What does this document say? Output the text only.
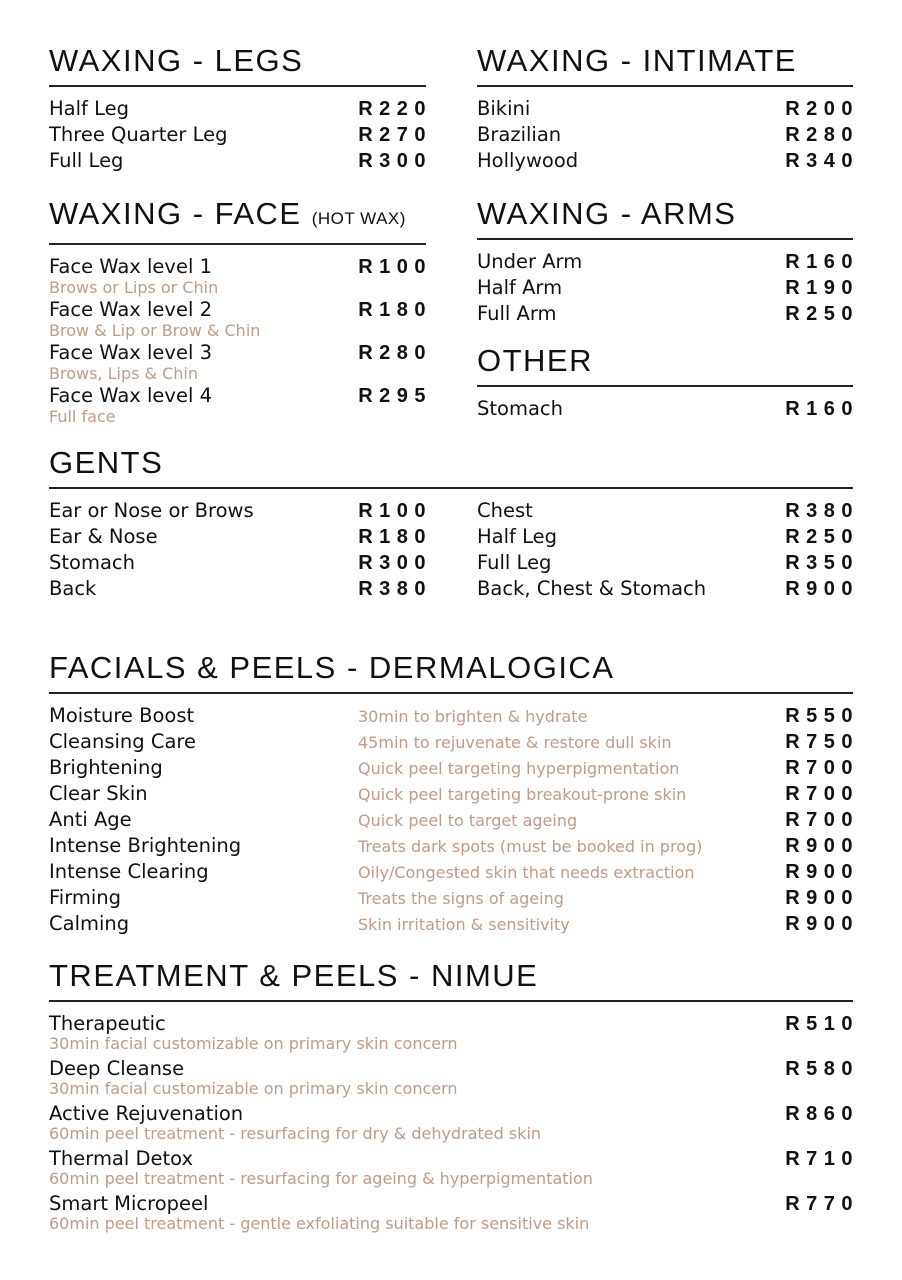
WAXING - LEGS
Half Leg	R220
Three Quarter Leg	R270
Full Leg	R300
WAXING - INTIMATE
Bikini	R200
Brazilian	R280
Hollywood	R340
WAXING - FACE (HOT WAX)
Face Wax level 1	R100
Brows or Lips or Chin
Face Wax level 2	R180
Brow & Lip or Brow & Chin
Face Wax level 3	R280
Brows, Lips & Chin
Face Wax level 4	R295
Full face
WAXING - ARMS
Under Arm	R160
Half Arm	R190
Full Arm	R250
OTHER
Stomach	R160
GENTS
Ear or Nose or Brows	R100
Ear & Nose	R180
Stomach	R300
Back	R380
Chest	R380
Half Leg	R250
Full Leg	R350
Back, Chest & Stomach	R900
FACIALS & PEELS - DERMALOGICA
Moisture Boost	30min to brighten & hydrate	R550
Cleansing Care	45min to rejuvenate & restore dull skin	R750
Brightening	Quick peel targeting hyperpigmentation	R700
Clear Skin	Quick peel targeting breakout-prone skin	R700
Anti Age	Quick peel to target ageing	R700
Intense Brightening	Treats dark spots (must be booked in prog)	R900
Intense Clearing	Oily/Congested skin that needs extraction	R900
Firming	Treats the signs of ageing	R900
Calming	Skin irritation & sensitivity	R900
TREATMENT & PEELS - NIMUE
Therapeutic	R510
30min facial customizable on primary skin concern
Deep Cleanse	R580
30min facial customizable on primary skin concern
Active Rejuvenation	R860
60min peel treatment - resurfacing for dry & dehydrated skin
Thermal Detox	R710
60min peel treatment - resurfacing for ageing & hyperpigmentation
Smart Micropeel	R770
60min peel treatment - gentle exfoliating suitable for sensitive skin
